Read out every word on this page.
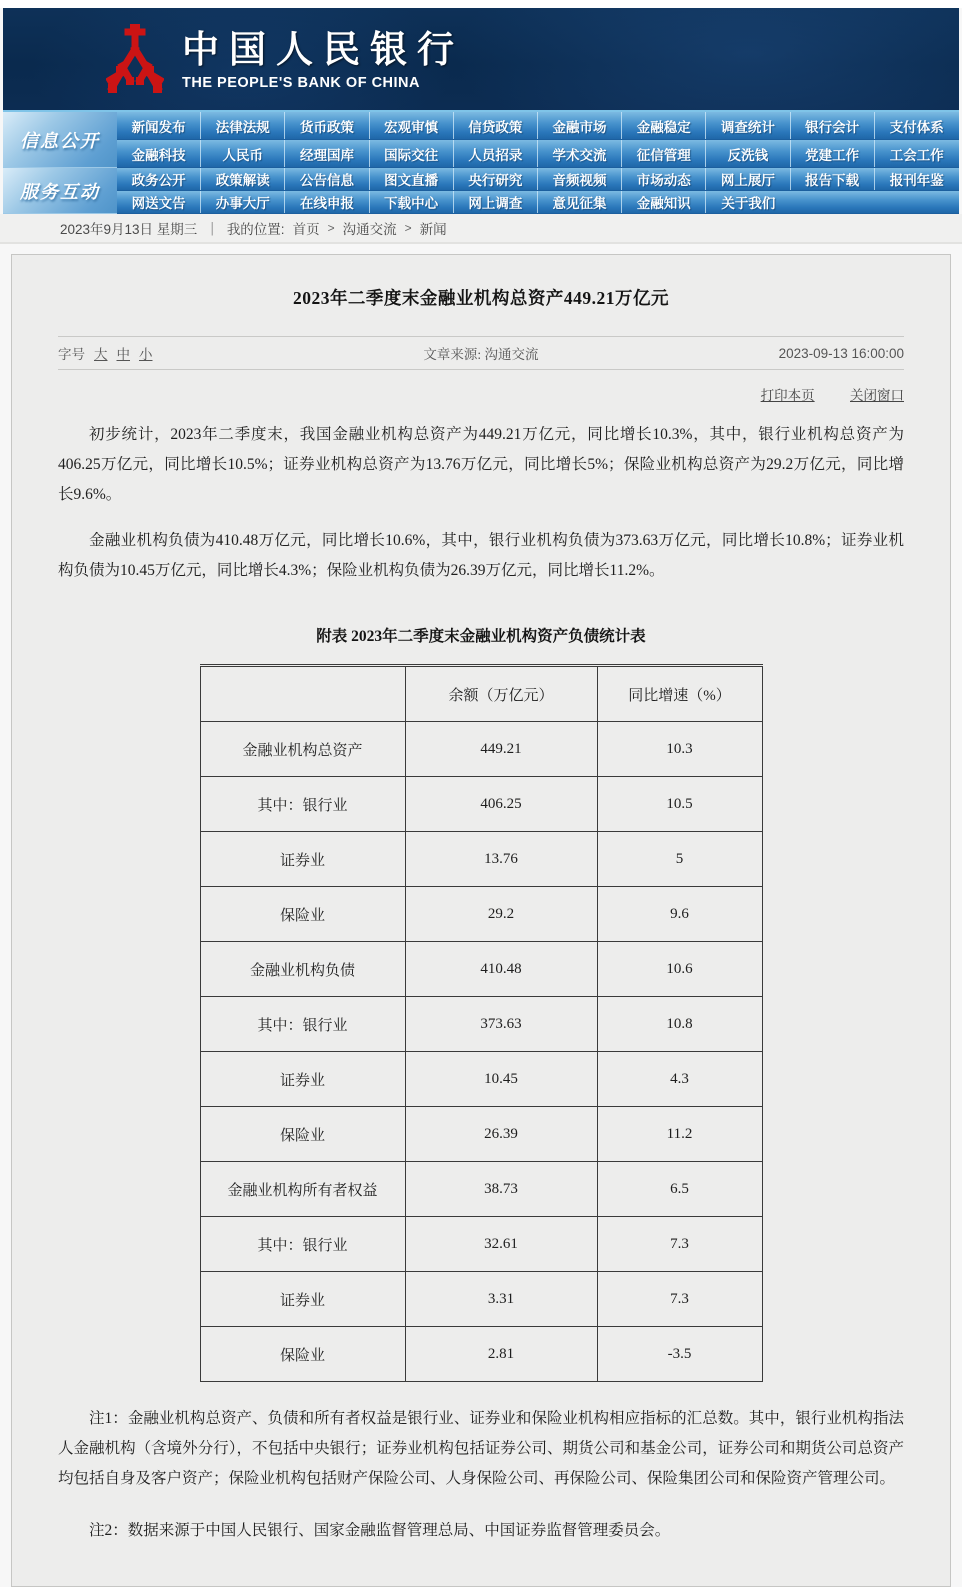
中国人民银行
THE PEOPLE'S BANK OF CHINA
信息公开
新闻发布	法律法规	货币政策	宏观审慎	信贷政策	金融市场	金融稳定	调查统计	银行会计	支付体系
金融科技	人民币	经理国库	国际交往	人员招录	学术交流	征信管理	反洗钱	党建工作	工会工作
服务互动
政务公开	政策解读	公告信息	图文直播	央行研究	音频视频	市场动态	网上展厅	报告下载	报刊年鉴
网送文告	办事大厅	在线申报	下载中心	网上调查	意见征集	金融知识	关于我们
2023年9月13日 星期三 ｜ 我的位置: 首页 > 沟通交流 > 新闻
2023年二季度末金融业机构总资产449.21万亿元
字号 大 中 小	文章来源: 沟通交流	2023-09-13 16:00:00
打印本页	关闭窗口

初步统计，2023年二季度末，我国金融业机构总资产为449.21万亿元，同比增长10.3%，其中，银行业机构总资产为406.25万亿元，同比增长10.5%；证券业机构总资产为13.76万亿元，同比增长5%；保险业机构总资产为29.2万亿元，同比增长9.6%。

金融业机构负债为410.48万亿元，同比增长10.6%，其中，银行业机构负债为373.63万亿元，同比增长10.8%；证券业机构负债为10.45万亿元，同比增长4.3%；保险业机构负债为26.39万亿元，同比增长11.2%。

附表 2023年二季度末金融业机构资产负债统计表
	余额（万亿元）	同比增速（%）
金融业机构总资产	449.21	10.3
其中：银行业	406.25	10.5
证券业	13.76	5
保险业	29.2	9.6
金融业机构负债	410.48	10.6
其中：银行业	373.63	10.8
证券业	10.45	4.3
保险业	26.39	11.2
金融业机构所有者权益	38.73	6.5
其中：银行业	32.61	7.3
证券业	3.31	7.3
保险业	2.81	-3.5

注1：金融业机构总资产、负债和所有者权益是银行业、证券业和保险业机构相应指标的汇总数。其中，银行业机构指法人金融机构（含境外分行），不包括中央银行；证券业机构包括证券公司、期货公司和基金公司，证券公司和期货公司总资产均包括自身及客户资产；保险业机构包括财产保险公司、人身保险公司、再保险公司、保险集团公司和保险资产管理公司。

注2：数据来源于中国人民银行、国家金融监督管理总局、中国证券监督管理委员会。
